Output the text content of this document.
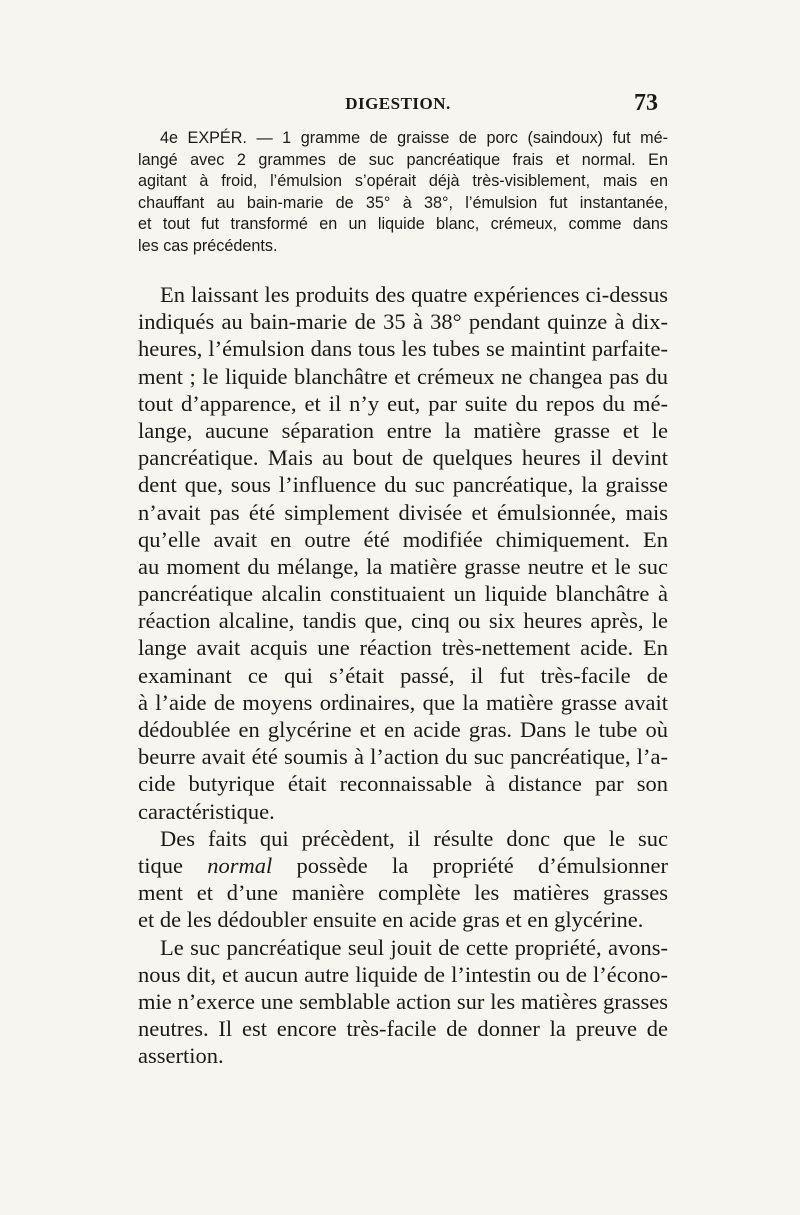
DIGESTION.	73
4e EXPÉR. — 1 gramme de graisse de porc (saindoux) fut mé-
langé avec 2 grammes de suc pancréatique frais et normal. En
agitant à froid, l’émulsion s’opérait déjà très-visiblement, mais en
chauffant au bain-marie de 35° à 38°, l’émulsion fut instantanée,
et tout fut transformé en un liquide blanc, crémeux, comme dans
les cas précédents.
En laissant les produits des quatre expériences ci-dessus
indiqués au bain-marie de 35 à 38° pendant quinze à dix-
heures, l’émulsion dans tous les tubes se maintint parfaite-
ment ; le liquide blanchâtre et crémeux ne changea pas du
tout d’apparence, et il n’y eut, par suite du repos du mé-
lange, aucune séparation entre la matière grasse et le
pancréatique. Mais au bout de quelques heures il devint
dent que, sous l’influence du suc pancréatique, la graisse
n’avait pas été simplement divisée et émulsionnée, mais
qu’elle avait en outre été modifiée chimiquement. En
au moment du mélange, la matière grasse neutre et le suc
pancréatique alcalin constituaient un liquide blanchâtre à
réaction alcaline, tandis que, cinq ou six heures après, le
lange avait acquis une réaction très-nettement acide. En
examinant ce qui s’était passé, il fut très-facile de
à l’aide de moyens ordinaires, que la matière grasse avait
dédoublée en glycérine et en acide gras. Dans le tube où
beurre avait été soumis à l’action du suc pancréatique, l’a-
cide butyrique était reconnaissable à distance par son
caractéristique.
Des faits qui précèdent, il résulte donc que le suc
tique normal possède la propriété d’émulsionner
ment et d’une manière complète les matières grasses
et de les dédoubler ensuite en acide gras et en glycérine.
Le suc pancréatique seul jouit de cette propriété, avons-
nous dit, et aucun autre liquide de l’intestin ou de l’écono-
mie n’exerce une semblable action sur les matières grasses
neutres. Il est encore très-facile de donner la preuve de
assertion.
